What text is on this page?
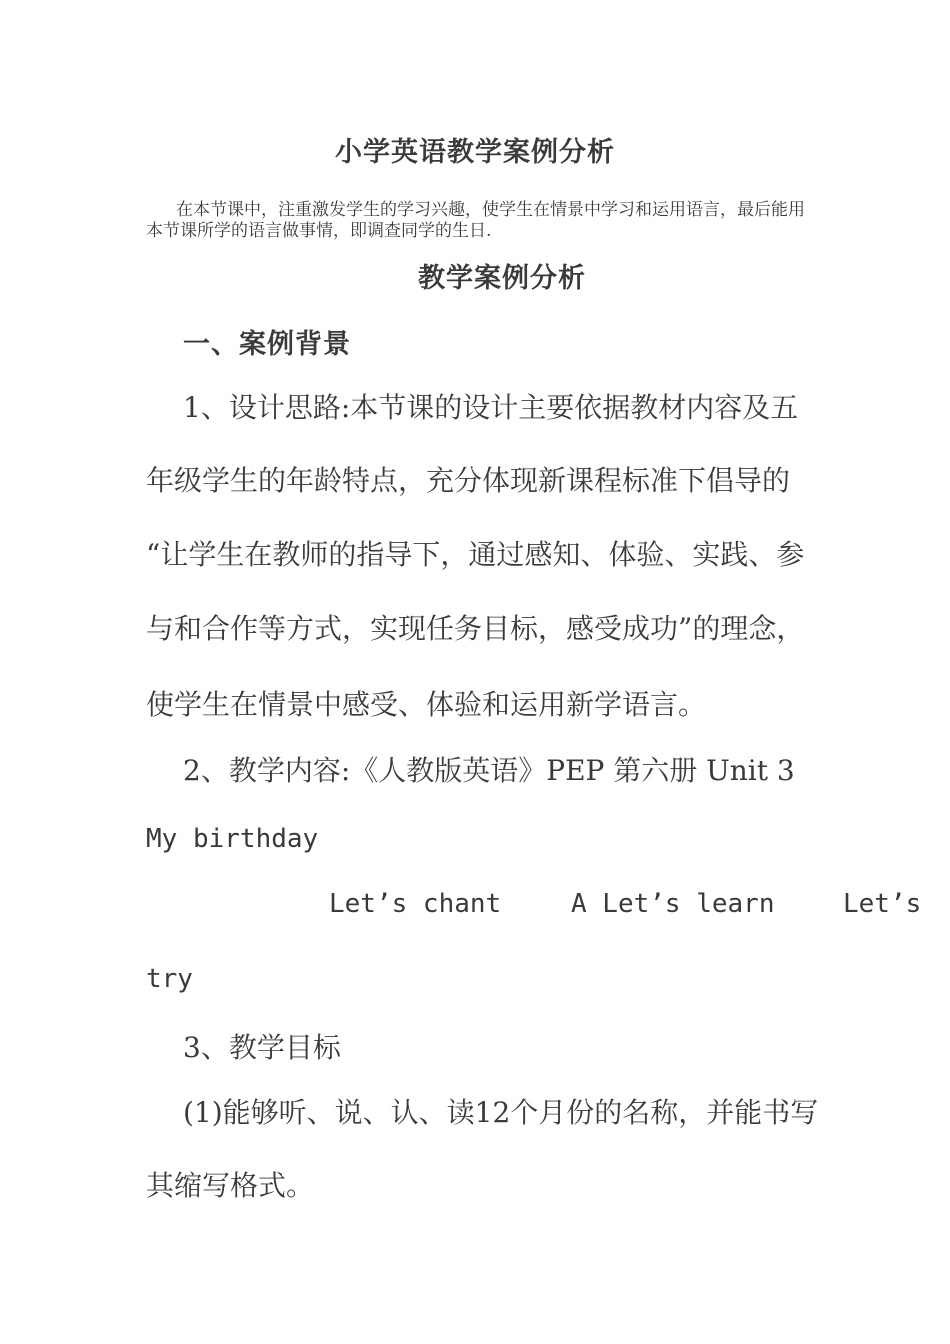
小学英语教学案例分析

在本节课中，注重激发学生的学习兴趣，使学生在情景中学习和运用语言，最后能用本节课所学的语言做事情，即调查同学的生日.

教学案例分析
一、案例背景

1、设计思路:本节课的设计主要依据教材内容及五

年级学生的年龄特点，充分体现新课程标准下倡导的

“让学生在教师的指导下，通过感知、体验、实践、参

与和合作等方式，实现任务目标，感受成功”的理念，

使学生在情景中感受、体验和运用新学语言。

2、教学内容:《人教版英语》PEP 第六册 Unit 3

My birthday

Let’s chant	A Let’s learn	Let’s

try

3、教学目标

(1)能够听、说、认、读12个月份的名称，并能书写

其缩写格式。
